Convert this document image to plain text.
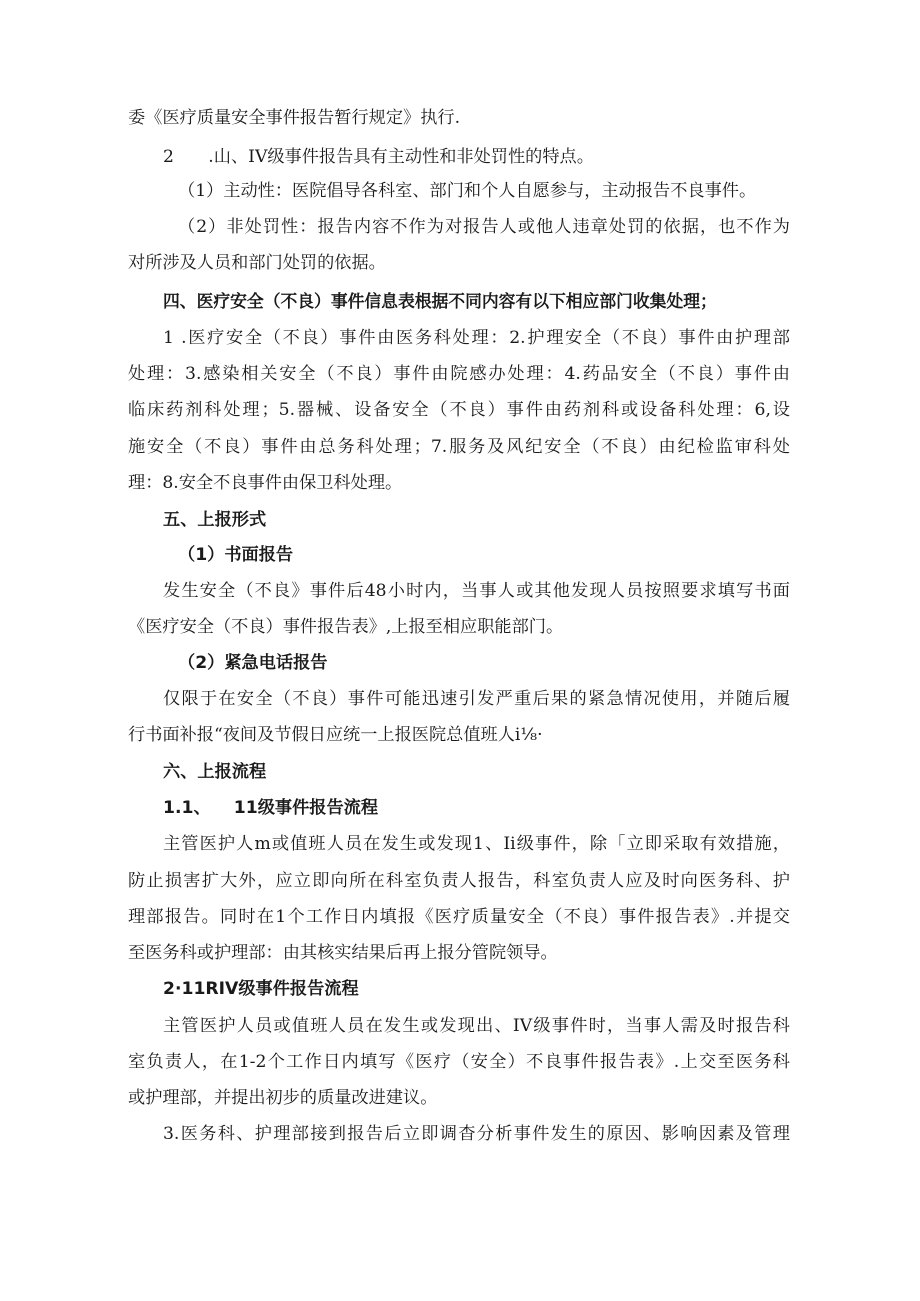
委《医疗质量安全事件报告暂行规定》执行.

2  .山、IV级事件报告具有主动性和非处罚性的特点。

（1）主动性：医院倡导各科室、部门和个人自愿参与，主动报告不良事件。

（2）非处罚性：报告内容不作为对报告人或他人违章处罚的依据，也不作为

对所涉及人员和部门处罚的依据。

四、医疗安全（不良）事件信息表根据不同内容有以下相应部门收集处理；

1 .医疗安全（不良）事件由医务科处理：2.护理安全（不良）事件由护理部

处理：3.感染相关安全（不良）事件由院感办处理：4.药品安全（不良）事件由

临床药剂科处理；5.器械、设备安全（不良）事件由药剂科或设备科处理：6,设

施安全（不良）事件由总务科处理；7.服务及风纪安全（不良）由纪检监审科处

理：8.安全不良事件由保卫科处理。

五、上报形式

（1）书面报告

发生安全（不良》事件后48小时内，当事人或其他发现人员按照要求填写书面

《医疗安全（不良）事件报告表》,上报至相应职能部门。

（2）紧急电话报告

仅限于在安全（不良）事件可能迅速引发严重后果的紧急情况使用，并随后履

行书面补报“夜间及节假日应统一上报医院总值班人i⅛·

六、上报流程

1.1、  11级事件报告流程

主管医护人m或值班人员在发生或发现1、Ii级事件，除「立即采取有效措施，

防止损害扩大外，应立即向所在科室负责人报告，科室负责人应及时向医务科、护

理部报告。同时在1个工作日内填报《医疗质量安全（不良）事件报告表》.并提交

至医务科或护理部：由其核实结果后再上报分管院领导。

2·11RIV级事件报告流程

主管医护人员或值班人员在发生或发现出、IV级事件时，当事人需及时报告科

室负责人，在1-2个工作日内填写《医疗（安全）不良事件报告表》.上交至医务科

或护理部，并提出初步的质量改进建议。

3.医务科、护理部接到报告后立即调杳分析事件发生的原因、影响因素及管理
